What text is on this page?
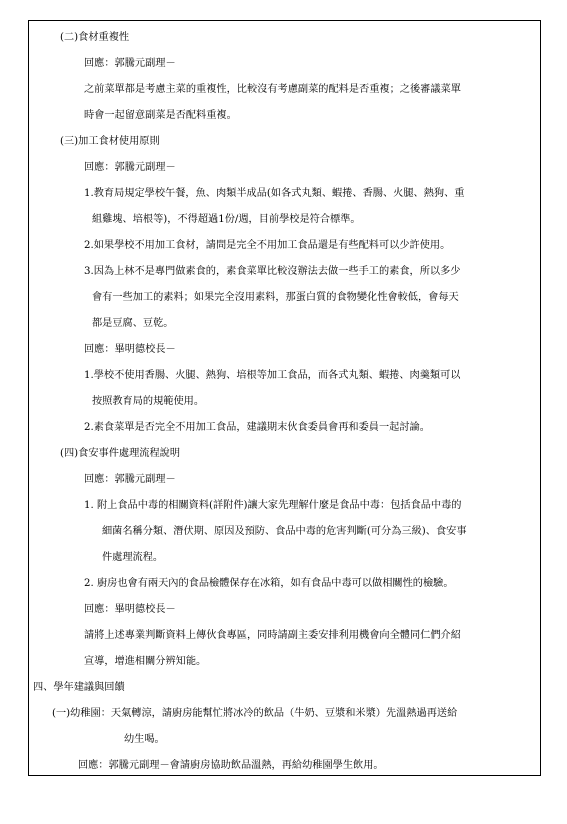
(二)食材重複性
回應：郭騰元副理－
之前菜單都是考慮主菜的重複性，比較沒有考慮副菜的配料是否重複；之後審議菜單
時會一起留意副菜是否配料重複。
(三)加工食材使用原則
回應：郭騰元副理－
1.教育局規定學校午餐，魚、肉類半成品(如各式丸類、蝦捲、香腸、火腿、熱狗、重
組雞塊、培根等)，不得超過1份/週，目前學校是符合標準。
2.如果學校不用加工食材，請問是完全不用加工食品還是有些配料可以少許使用。
3.因為上林不是專門做素食的，素食菜單比較沒辦法去做一些手工的素食，所以多少
會有一些加工的素料；如果完全沒用素料，那蛋白質的食物變化性會較低，會每天
都是豆腐、豆乾。
回應：畢明德校長－
1.學校不使用香腸、火腿、熱狗、培根等加工食品，而各式丸類、蝦捲、肉羹類可以
按照教育局的規範使用。
2.素食菜單是否完全不用加工食品，建議期末伙食委員會再和委員一起討論。
(四)食安事件處理流程說明
回應：郭騰元副理－
1. 附上食品中毒的相關資料(詳附件)讓大家先理解什麼是食品中毒：包括食品中毒的
細菌名稱分類、潛伏期、原因及預防、食品中毒的危害判斷(可分為三級)、食安事
件處理流程。
2. 廚房也會有兩天內的食品檢體保存在冰箱，如有食品中毒可以做相關性的檢驗。
回應：畢明德校長－
請將上述專業判斷資料上傳伙食專區，同時請副主委安排利用機會向全體同仁們介紹
宣導，增進相關分辨知能。
四、學年建議與回饋
(一)幼稚園：天氣轉涼，請廚房能幫忙將冰冷的飲品（牛奶、豆漿和米漿）先溫熱過再送給
幼生喝。
回應：郭騰元副理－會請廚房協助飲品溫熱，再給幼稚園學生飲用。
